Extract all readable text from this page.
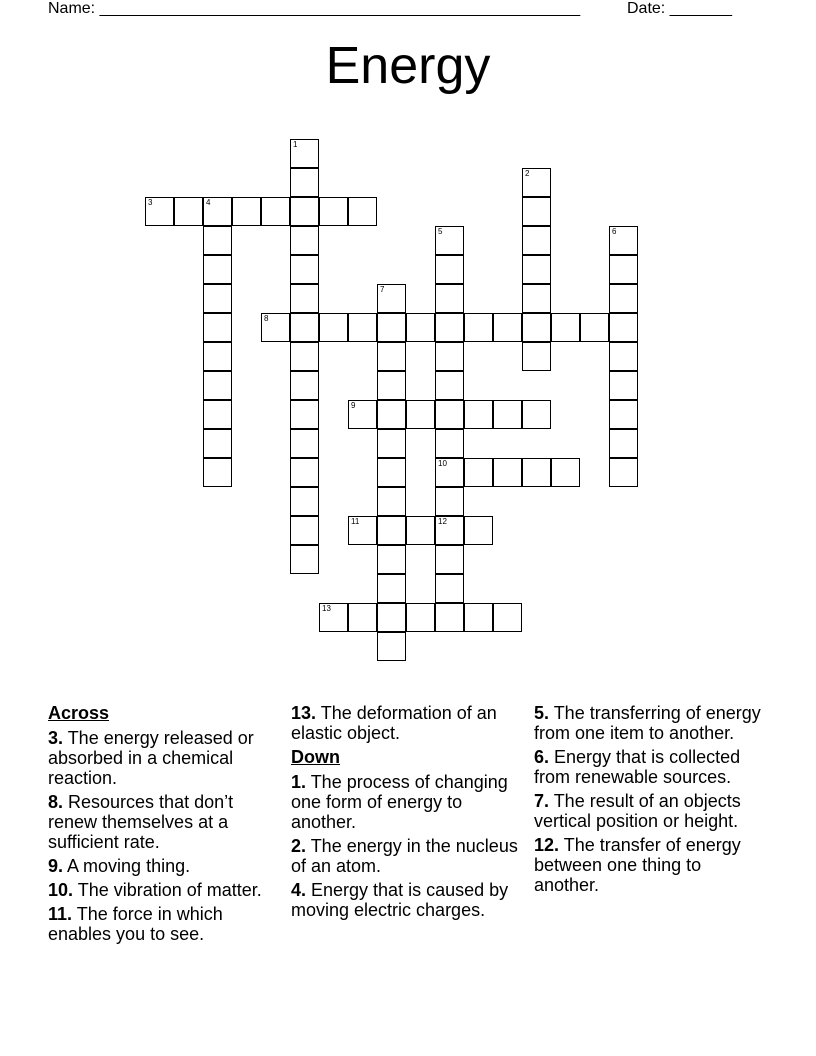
Name: ______________________________________________________	Date: _______
Energy
1
2
3	4
5
10
12
6
7
8
9
11
13
Across
3. The energy released or absorbed in a chemical reaction.
8. Resources that don’t renew themselves at a sufficient rate.
9. A moving thing.
10. The vibration of matter.
11. The force in which enables you to see.
13. The deformation of an elastic object.
Down
1. The process of changing one form of energy to another.
2. The energy in the nucleus of an atom.
4. Energy that is caused by moving electric charges.
5. The transferring of energy from one item to another.
6. Energy that is collected from renewable sources.
7. The result of an objects vertical position or height.
12. The transfer of energy between one thing to another.
